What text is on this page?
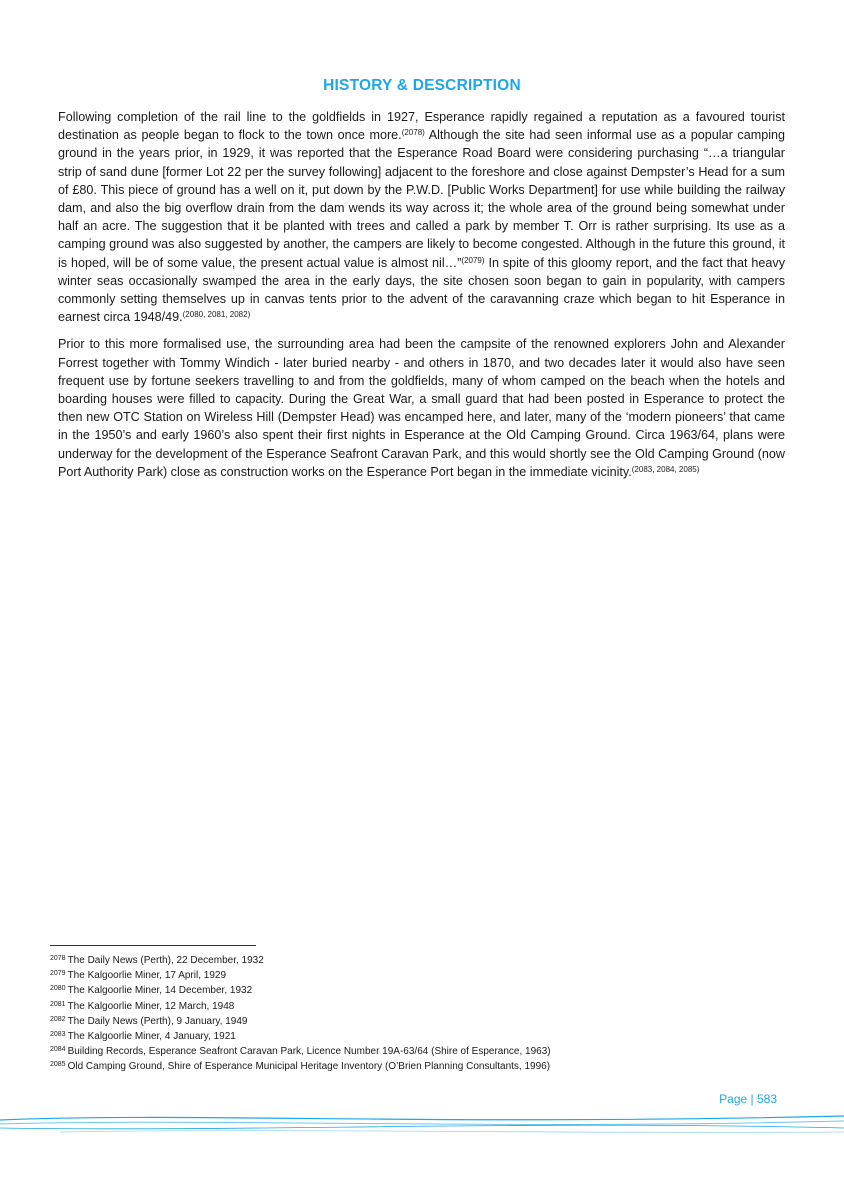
HISTORY & DESCRIPTION

Following completion of the rail line to the goldfields in 1927, Esperance rapidly regained a reputation as a favoured tourist destination as people began to flock to the town once more.$^{(2078)}$ Although the site had seen informal use as a popular camping ground in the years prior, in 1929, it was reported that the Esperance Road Board were considering purchasing “…a triangular strip of sand dune [former Lot 22 per the survey following] adjacent to the foreshore and close against Dempster’s Head for a sum of £80. This piece of ground has a well on it, put down by the P.W.D. [Public Works Department] for use while building the railway dam, and also the big overflow drain from the dam wends its way across it; the whole area of the ground being somewhat under half an acre. The suggestion that it be planted with trees and called a park by member T. Orr is rather surprising. Its use as a camping ground was also suggested by another, the campers are likely to become congested. Although in the future this ground, it is hoped, will be of some value, the present actual value is almost nil…”$^{(2079)}$ In spite of this gloomy report, and the fact that heavy winter seas occasionally swamped the area in the early days, the site chosen soon began to gain in popularity, with campers commonly setting themselves up in canvas tents prior to the advent of the caravanning craze which began to hit Esperance in earnest circa 1948/49.$^{(2080, 2081, 2082)}$

Prior to this more formalised use, the surrounding area had been the campsite of the renowned explorers John and Alexander Forrest together with Tommy Windich - later buried nearby - and others in 1870, and two decades later it would also have seen frequent use by fortune seekers travelling to and from the goldfields, many of whom camped on the beach when the hotels and boarding houses were filled to capacity. During the Great War, a small guard that had been posted in Esperance to protect the then new OTC Station on Wireless Hill (Dempster Head) was encamped here, and later, many of the ‘modern pioneers’ that came in the 1950’s and early 1960’s also spent their first nights in Esperance at the Old Camping Ground. Circa 1963/64, plans were underway for the development of the Esperance Seafront Caravan Park, and this would shortly see the Old Camping Ground (now Port Authority Park) close as construction works on the Esperance Port began in the immediate vicinity.$^{(2083, 2084, 2085)}$

$^{2078}$ The Daily News (Perth), 22 December, 1932
$^{2079}$ The Kalgoorlie Miner, 17 April, 1929
$^{2080}$ The Kalgoorlie Miner, 14 December, 1932
$^{2081}$ The Kalgoorlie Miner, 12 March, 1948
$^{2082}$ The Daily News (Perth), 9 January, 1949
$^{2083}$ The Kalgoorlie Miner, 4 January, 1921
$^{2084}$ Building Records, Esperance Seafront Caravan Park, Licence Number 19A-63/64 (Shire of Esperance, 1963)
$^{2085}$ Old Camping Ground, Shire of Esperance Municipal Heritage Inventory (O’Brien Planning Consultants, 1996)
Page | 583
